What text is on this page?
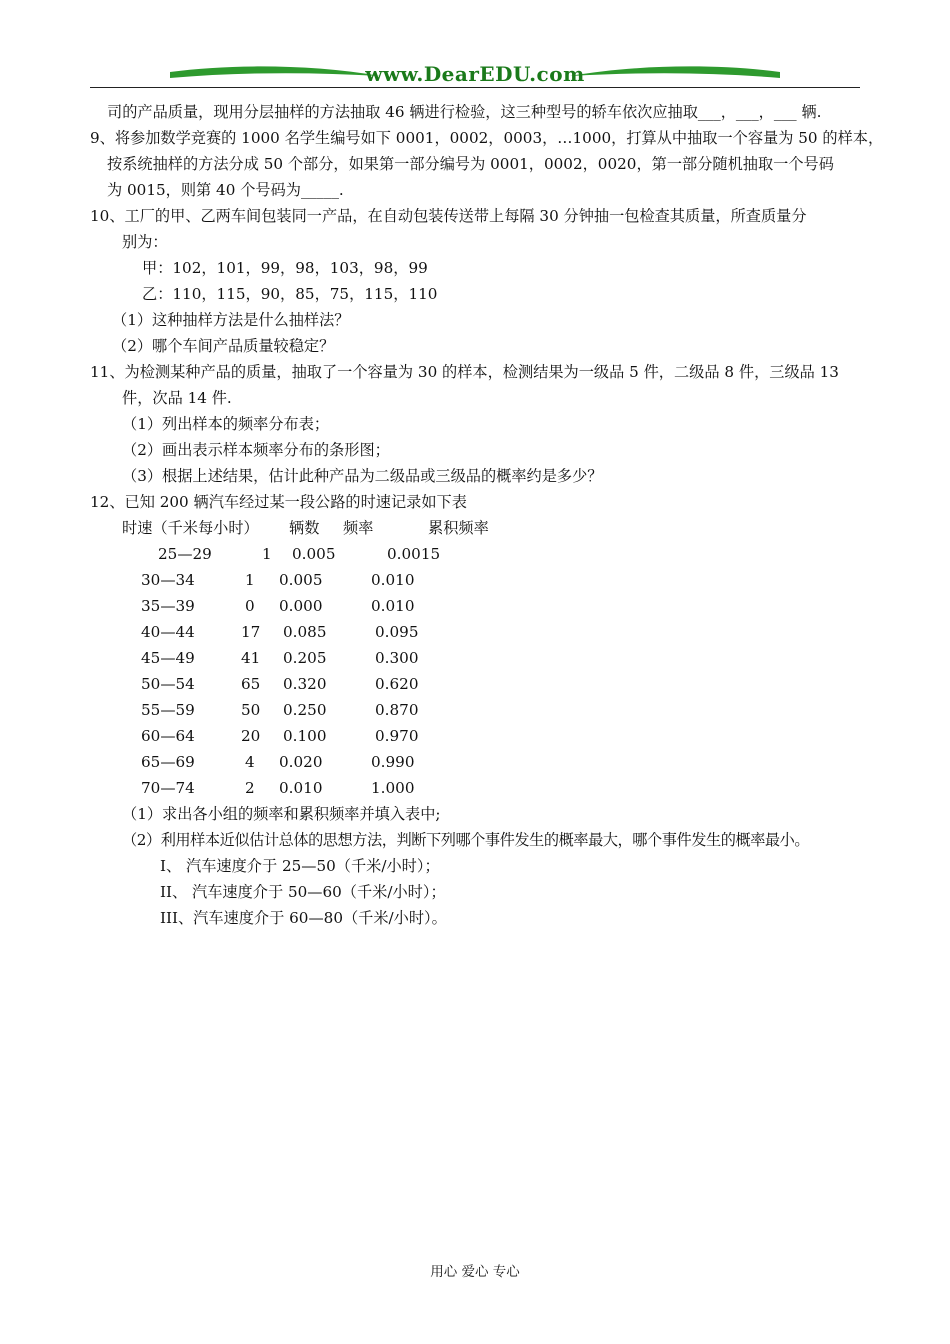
www.DearEDU.com
司的产品质量，现用分层抽样的方法抽取 46 辆进行检验，这三种型号的轿车依次应抽取___，___，___ 辆.
9、将参加数学竞赛的 1000 名学生编号如下 0001，0002，0003，…1000，打算从中抽取一个容量为 50 的样本，
按系统抽样的方法分成 50 个部分，如果第一部分编号为 0001，0002，0020，第一部分随机抽取一个号码
为 0015，则第 40 个号码为_____.
10、工厂的甲、乙两车间包装同一产品，在自动包装传送带上每隔 30 分钟抽一包检查其质量，所查质量分
别为：
甲：102，101，99，98，103，98，99
乙：110，115，90，85，75，115，110
（1）这种抽样方法是什么抽样法？
（2）哪个车间产品质量较稳定？
11、为检测某种产品的质量，抽取了一个容量为 30 的样本，检测结果为一级品 5 件，二级品 8 件，三级品 13
件，次品 14 件.
（1）列出样本的频率分布表；
（2）画出表示样本频率分布的条形图；
（3）根据上述结果，估计此种产品为二级品或三级品的概率约是多少？
12、已知 200 辆汽车经过某一段公路的时速记录如下表
时速（千米每小时） 辆数 频率	累积频率
25—29	1 0.005	0.0015
30—34	1 0.005	0.010
35—39	0 0.000	0.010
40—44	17 0.085	0.095
45—49	41 0.205	0.300
50—54	65 0.320	0.620
55—59	50 0.250	0.870
60—64	20 0.100	0.970
65—69	4 0.020	0.990
70—74	2 0.010	1.000
（1）求出各小组的频率和累积频率并填入表中;
（2）利用样本近似估计总体的思想方法，判断下列哪个事件发生的概率最大，哪个事件发生的概率最小。
I、 汽车速度介于 25—50（千米/小时）；
II、 汽车速度介于 50—60（千米/小时）；
III、汽车速度介于 60—80（千米/小时）。
用心 爱心 专心
